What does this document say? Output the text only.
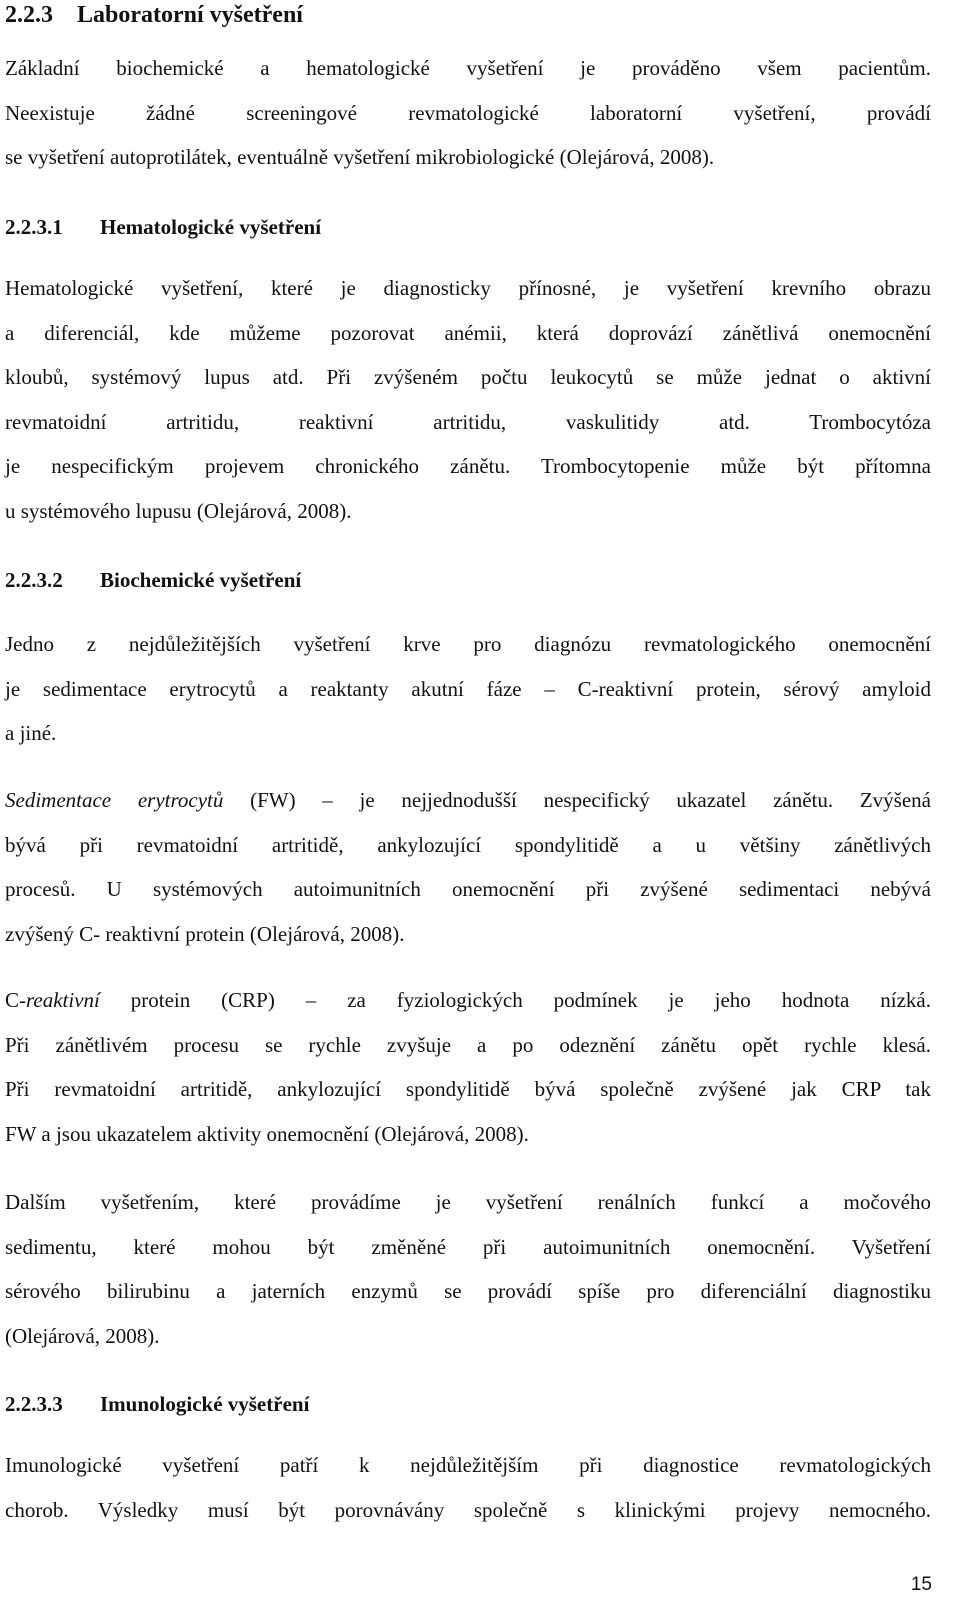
2.2.3 Laboratorní vyšetření
Základní biochemické a hematologické vyšetření je prováděno všem pacientům.
Neexistuje žádné screeningové revmatologické laboratorní vyšetření, provádí
se vyšetření autoprotilátek, eventuálně vyšetření mikrobiologické (Olejárová, 2008).
2.2.3.1 Hematologické vyšetření
Hematologické vyšetření, které je diagnosticky přínosné, je vyšetření krevního obrazu
a diferenciál, kde můžeme pozorovat anémii, která doprovází zánětlivá onemocnění
kloubů, systémový lupus atd. Při zvýšeném počtu leukocytů se může jednat o aktivní
revmatoidní artritidu, reaktivní artritidu, vaskulitidy atd. Trombocytóza
je nespecifickým projevem chronického zánětu. Trombocytopenie může být přítomna
u systémového lupusu (Olejárová, 2008).
2.2.3.2 Biochemické vyšetření
Jedno z nejdůležitějších vyšetření krve pro diagnózu revmatologického onemocnění
je sedimentace erytrocytů a reaktanty akutní fáze – C-reaktivní protein, sérový amyloid
a jiné.
Sedimentace erytrocytů (FW) – je nejjednodušší nespecifický ukazatel zánětu. Zvýšená
bývá při revmatoidní artritidě, ankylozující spondylitidě a u většiny zánětlivých
procesů. U systémových autoimunitních onemocnění při zvýšené sedimentaci nebývá
zvýšený C- reaktivní protein (Olejárová, 2008).
C-reaktivní protein (CRP) – za fyziologických podmínek je jeho hodnota nízká.
Při zánětlivém procesu se rychle zvyšuje a po odeznění zánětu opět rychle klesá.
Při revmatoidní artritidě, ankylozující spondylitidě bývá společně zvýšené jak CRP tak
FW a jsou ukazatelem aktivity onemocnění (Olejárová, 2008).
Dalším vyšetřením, které provádíme je vyšetření renálních funkcí a močového
sedimentu, které mohou být změněné při autoimunitních onemocnění. Vyšetření
sérového bilirubinu a jaterních enzymů se provádí spíše pro diferenciální diagnostiku
(Olejárová, 2008).
2.2.3.3 Imunologické vyšetření
Imunologické vyšetření patří k nejdůležitějším při diagnostice revmatologických
chorob. Výsledky musí být porovnávány společně s klinickými projevy nemocného.
15
